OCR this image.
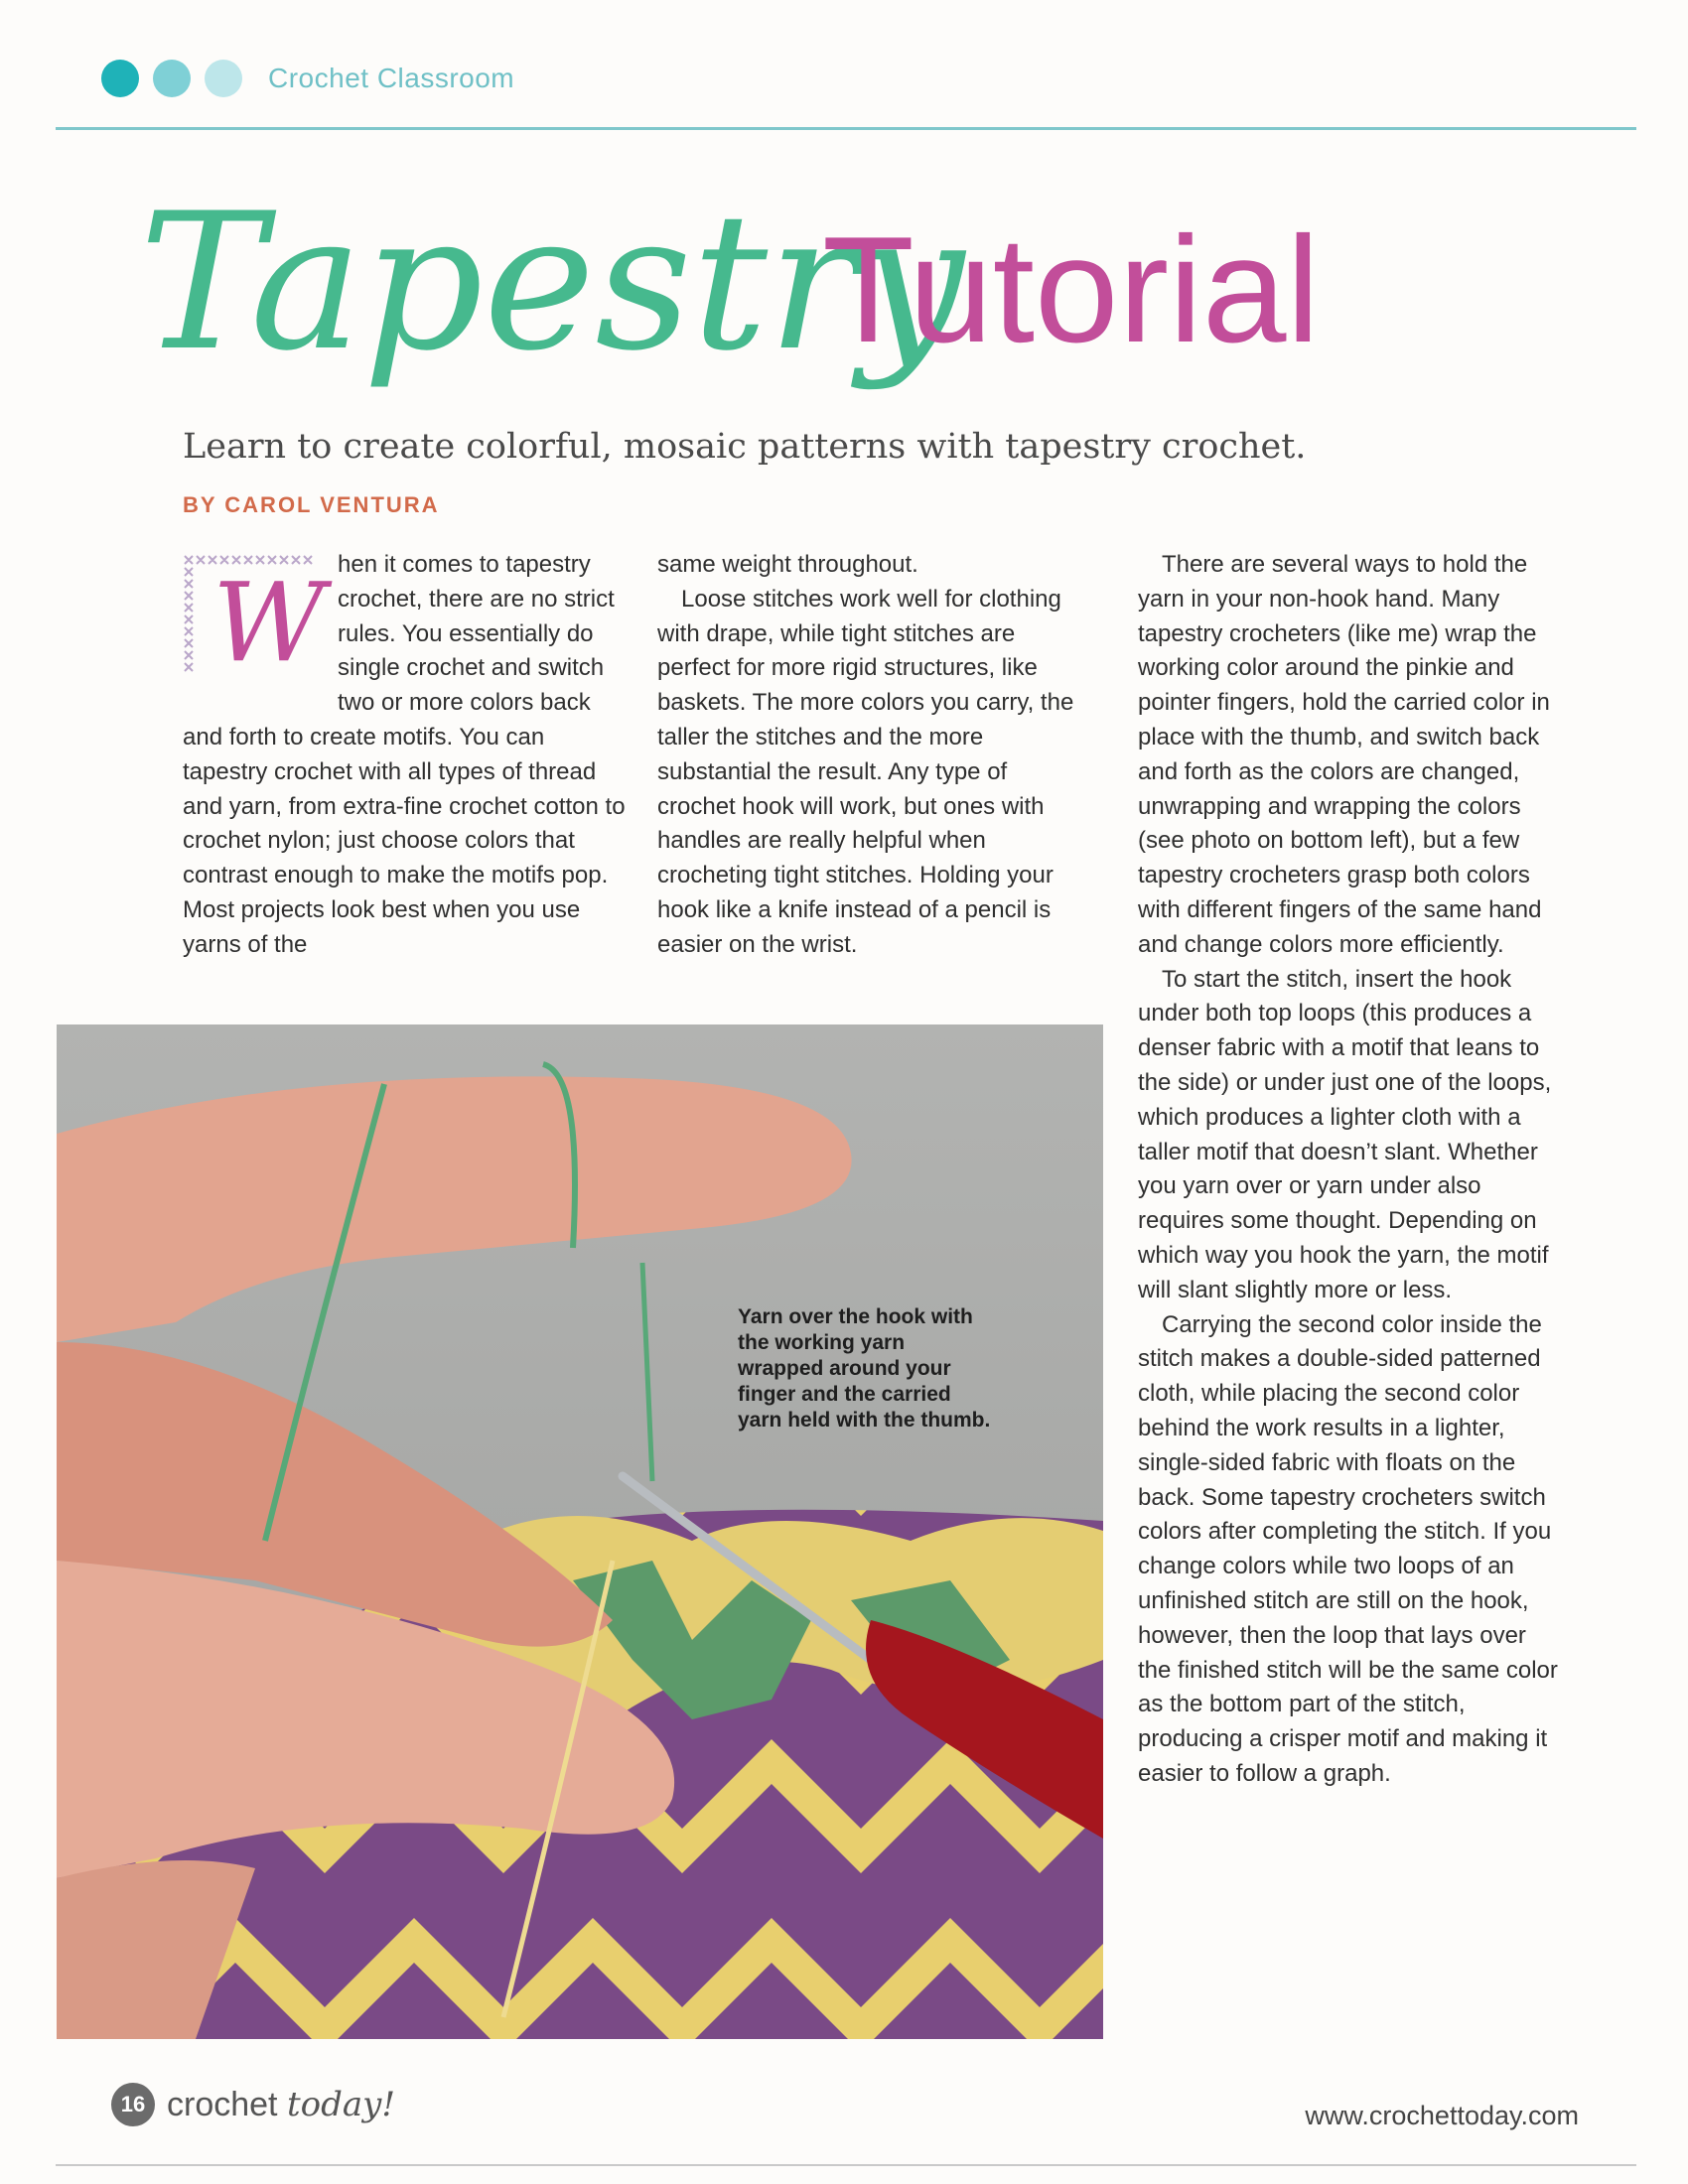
Crochet Classroom
Tapestry
Tutorial
Learn to create colorful, mosaic patterns with tapestry crochet.
BY CAROL VENTURA
W hen it comes to tapestry crochet, there are no strict rules. You essentially do single crochet and switch two or more colors back and forth to create motifs. You can tapestry crochet with all types of thread and yarn, from extra-fine crochet cotton to crochet nylon; just choose colors that contrast enough to make the motifs pop. Most projects look best when you use yarns of the

same weight throughout.

Loose stitches work well for clothing with drape, while tight stitches are perfect for more rigid structures, like baskets. The more colors you carry, the taller the stitches and the more substantial the result. Any type of crochet hook will work, but ones with handles are really helpful when crocheting tight stitches. Holding your hook like a knife instead of a pencil is easier on the wrist.

There are several ways to hold the yarn in your non-hook hand. Many tapestry crocheters (like me) wrap the working color around the pinkie and pointer fingers, hold the carried color in place with the thumb, and switch back and forth as the colors are changed, unwrapping and wrapping the colors (see photo on bottom left), but a few tapestry crocheters grasp both colors with different fingers of the same hand and change colors more efficiently.

To start the stitch, insert the hook under both top loops (this produces a denser fabric with a motif that leans to the side) or under just one of the loops, which produces a lighter cloth with a taller motif that doesn’t slant. Whether you yarn over or yarn under also requires some thought. Depending on which way you hook the yarn, the motif will slant slightly more or less.

Carrying the second color inside the stitch makes a double-sided patterned cloth, while placing the second color behind the work results in a lighter, single-sided fabric with floats on the back. Some tapestry crocheters switch colors after completing the stitch. If you change colors while two loops of an unfinished stitch are still on the hook, however, then the loop that lays over the finished stitch will be the same color as the bottom part of the stitch, producing a crisper motif and making it easier to follow a graph.

Yarn over the hook with the working yarn wrapped around your finger and the carried yarn held with the thumb.
16 crochet today!	www.crochettoday.com
